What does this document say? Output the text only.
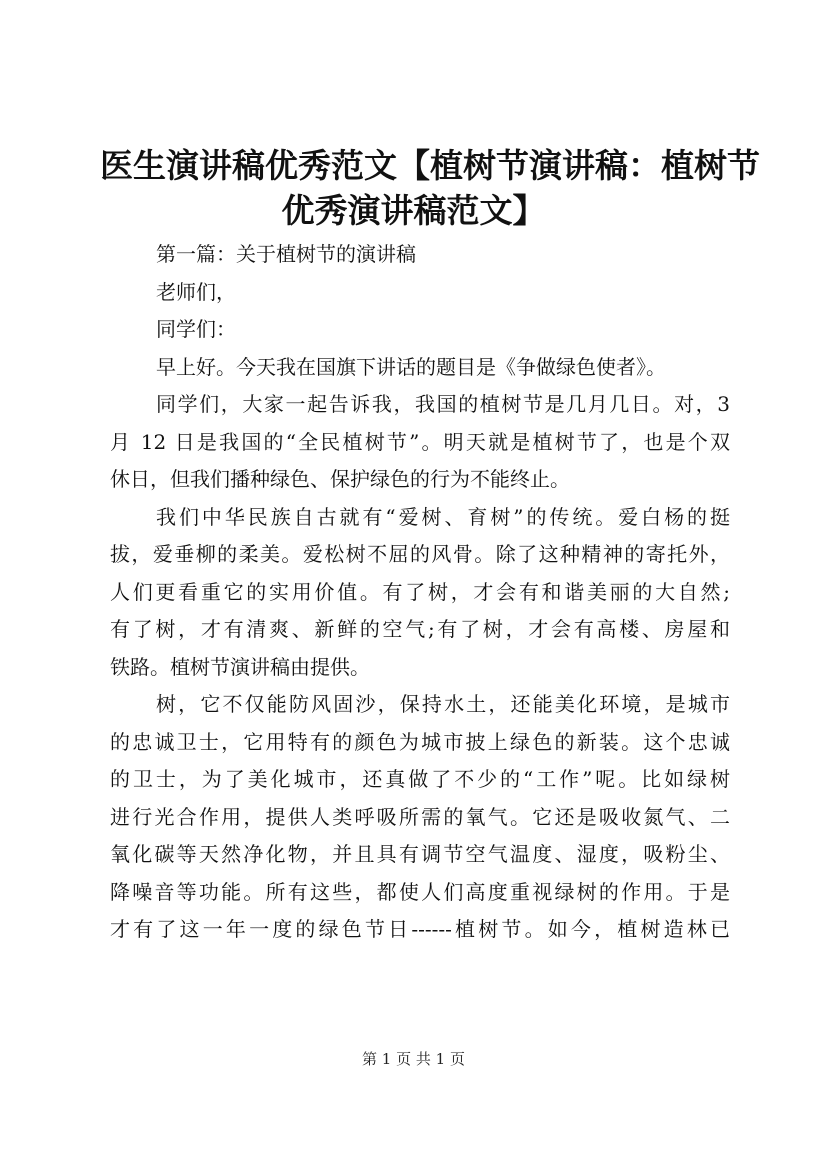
医生演讲稿优秀范文【植树节演讲稿：植树节
优秀演讲稿范文】
第一篇：关于植树节的演讲稿
老师们，
同学们：
早上好。今天我在国旗下讲话的题目是《争做绿色使者》。
同学们，大家一起告诉我，我国的植树节是几月几日。对，3
月 12 日是我国的“全民植树节”。明天就是植树节了，也是个双
休日，但我们播种绿色、保护绿色的行为不能终止。
我们中华民族自古就有“爱树、育树”的传统。爱白杨的挺
拔，爱垂柳的柔美。爱松树不屈的风骨。除了这种精神的寄托外，
人们更看重它的实用价值。有了树，才会有和谐美丽的大自然;
有了树，才有清爽、新鲜的空气;有了树，才会有高楼、房屋和
铁路。植树节演讲稿由提供。
树，它不仅能防风固沙，保持水土，还能美化环境，是城市
的忠诚卫士，它用特有的颜色为城市披上绿色的新装。这个忠诚
的卫士，为了美化城市，还真做了不少的“工作”呢。比如绿树
进行光合作用，提供人类呼吸所需的氧气。它还是吸收氮气、二
氧化碳等天然净化物，并且具有调节空气温度、湿度，吸粉尘、
降噪音等功能。所有这些，都使人们高度重视绿树的作用。于是
才有了这一年一度的绿色节日------植树节。如今，植树造林已
第 1 页 共 1 页
